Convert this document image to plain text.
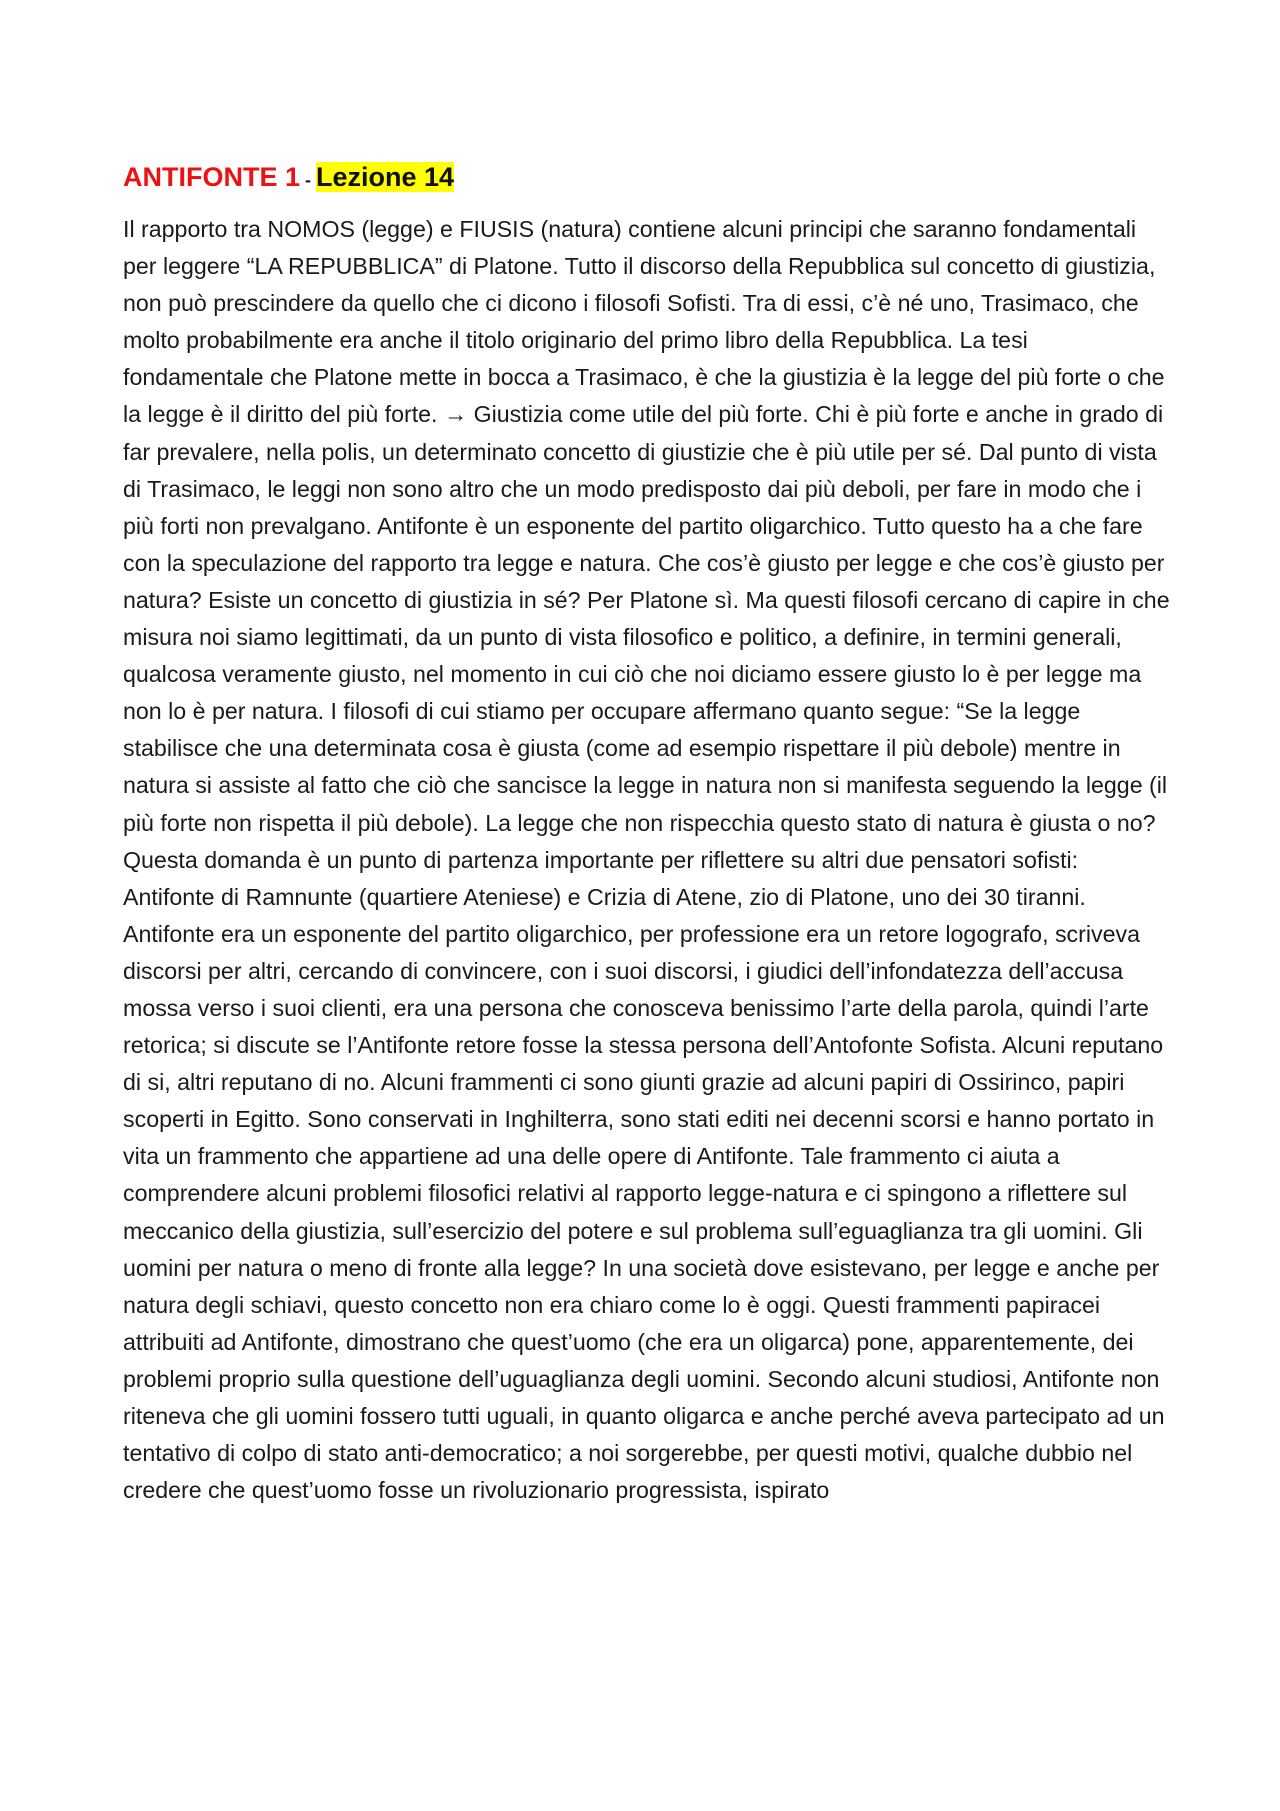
ANTIFONTE 1 - Lezione 14

Il rapporto tra NOMOS (legge) e FIUSIS (natura) contiene alcuni principi che saranno fondamentali per leggere “LA REPUBBLICA” di Platone. Tutto il discorso della Repubblica sul concetto di giustizia, non può prescindere da quello che ci dicono i filosofi Sofisti. Tra di essi, c’è né uno, Trasimaco, che molto probabilmente era anche il titolo originario del primo libro della Repubblica. La tesi fondamentale che Platone mette in bocca a Trasimaco, è che la giustizia è la legge del più forte o che la legge è il diritto del più forte. → Giustizia come utile del più forte. Chi è più forte e anche in grado di far prevalere, nella polis, un determinato concetto di giustizie che è più utile per sé. Dal punto di vista di Trasimaco, le leggi non sono altro che un modo predisposto dai più deboli, per fare in modo che i più forti non prevalgano. Antifonte è un esponente del partito oligarchico. Tutto questo ha a che fare con la speculazione del rapporto tra legge e natura. Che cos’è giusto per legge e che cos’è giusto per natura? Esiste un concetto di giustizia in sé? Per Platone sì. Ma questi filosofi cercano di capire in che misura noi siamo legittimati, da un punto di vista filosofico e politico, a definire, in termini generali, qualcosa veramente giusto, nel momento in cui ciò che noi diciamo essere giusto lo è per legge ma non lo è per natura. I filosofi di cui stiamo per occupare affermano quanto segue: “Se la legge stabilisce che una determinata cosa è giusta (come ad esempio rispettare il più debole) mentre in natura si assiste al fatto che ciò che sancisce la legge in natura non si manifesta seguendo la legge (il più forte non rispetta il più debole). La legge che non rispecchia questo stato di natura è giusta o no? Questa domanda è un punto di partenza importante per riflettere su altri due pensatori sofisti: Antifonte di Ramnunte (quartiere Ateniese) e Crizia di Atene, zio di Platone, uno dei 30 tiranni.

Antifonte era un esponente del partito oligarchico, per professione era un retore logografo, scriveva discorsi per altri, cercando di convincere, con i suoi discorsi, i giudici dell’infondatezza dell’accusa mossa verso i suoi clienti, era una persona che conosceva benissimo l’arte della parola, quindi l’arte retorica; si discute se l’Antifonte retore fosse la stessa persona dell’Antofonte Sofista. Alcuni reputano di si, altri reputano di no. Alcuni frammenti ci sono giunti grazie ad alcuni papiri di Ossirinco, papiri scoperti in Egitto. Sono conservati in Inghilterra, sono stati editi nei decenni scorsi e hanno portato in vita un frammento che appartiene ad una delle opere di Antifonte. Tale frammento ci aiuta a comprendere alcuni problemi filosofici relativi al rapporto legge-natura e ci spingono a riflettere sul meccanico della giustizia, sull’esercizio del potere e sul problema sull’eguaglianza tra gli uomini. Gli uomini per natura o meno di fronte alla legge? In una società dove esistevano, per legge e anche per natura degli schiavi, questo concetto non era chiaro come lo è oggi. Questi frammenti papiracei attribuiti ad Antifonte, dimostrano che quest’uomo (che era un oligarca) pone, apparentemente, dei problemi proprio sulla questione dell’uguaglianza degli uomini. Secondo alcuni studiosi, Antifonte non riteneva che gli uomini fossero tutti uguali, in quanto oligarca e anche perché aveva partecipato ad un tentativo di colpo di stato anti-democratico; a noi sorgerebbe, per questi motivi, qualche dubbio nel credere che quest’uomo fosse un rivoluzionario progressista, ispirato
